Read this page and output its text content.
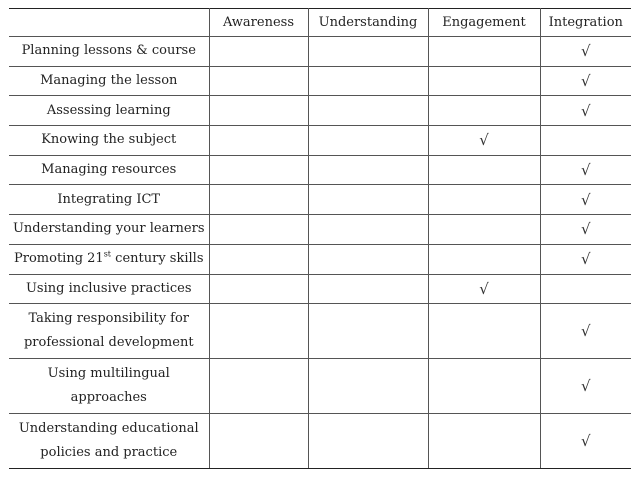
	Awareness	Understanding	Engagement	Integration
Planning lessons & course				√
Managing the lesson				√
Assessing learning				√
Knowing the subject			√	
Managing resources				√
Integrating ICT				√
Understanding your learners				√
Promoting 21st century skills				√
Using inclusive practices			√	
Taking responsibility for professional development				√
Using multilingual approaches				√
Understanding educational policies and practice				√
